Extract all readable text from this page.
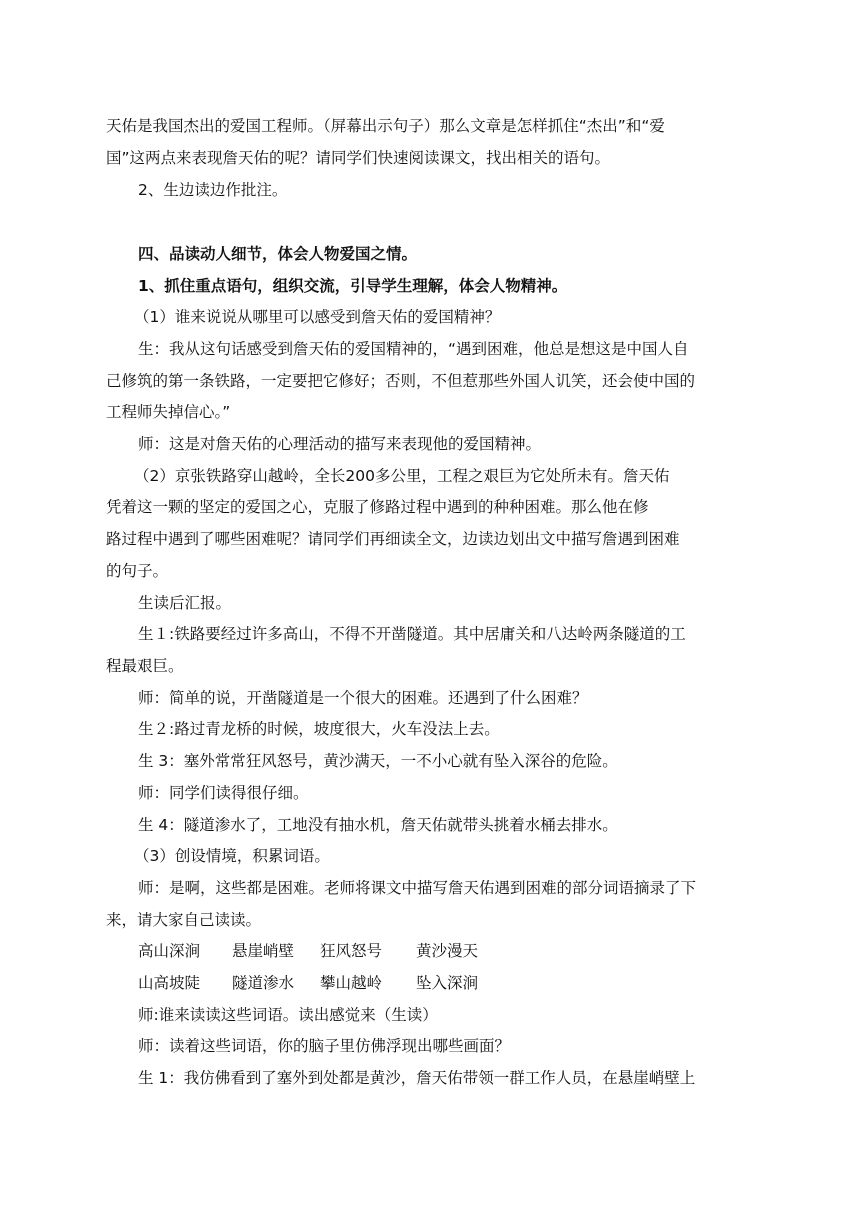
天佑是我国杰出的爱国工程师。（屏幕出示句子）那么文章是怎样抓住“杰出”和“爱
国”这两点来表现詹天佑的呢？请同学们快速阅读课文，找出相关的语句。
2、生边读边作批注。
四、品读动人细节，体会人物爱国之情。
1、抓住重点语句，组织交流，引导学生理解，体会人物精神。
（1）谁来说说从哪里可以感受到詹天佑的爱国精神？
生：我从这句话感受到詹天佑的爱国精神的，“遇到困难，他总是想这是中国人自
己修筑的第一条铁路，一定要把它修好；否则，不但惹那些外国人讥笑，还会使中国的
工程师失掉信心。”
师：这是对詹天佑的心理活动的描写来表现他的爱国精神。
（2）京张铁路穿山越岭，全长200多公里，工程之艰巨为它处所未有。詹天佑
凭着这一颗的坚定的爱国之心，克服了修路过程中遇到的种种困难。那么他在修
路过程中遇到了哪些困难呢？请同学们再细读全文，边读边划出文中描写詹遇到困难
的句子。
生读后汇报。
生１:铁路要经过许多高山，不得不开凿隧道。其中居庸关和八达岭两条隧道的工
程最艰巨。
师：简单的说，开凿隧道是一个很大的困难。还遇到了什么困难？
生２:路过青龙桥的时候，坡度很大，火车没法上去。
生 3：塞外常常狂风怒号，黄沙满天，一不小心就有坠入深谷的危险。
师：同学们读得很仔细。
生 4：隧道渗水了，工地没有抽水机，詹天佑就带头挑着水桶去排水。
（3）创设情境，积累词语。
师：是啊，这些都是困难。老师将课文中描写詹天佑遇到困难的部分词语摘录了下
来，请大家自己读读。
高山深涧 悬崖峭壁 狂风怒号 黄沙漫天
山高坡陡 隧道渗水 攀山越岭 坠入深涧
师:谁来读读这些词语。读出感觉来（生读）
师：读着这些词语，你的脑子里仿佛浮现出哪些画面？
生 1：我仿佛看到了塞外到处都是黄沙，詹天佑带领一群工作人员，在悬崖峭壁上
